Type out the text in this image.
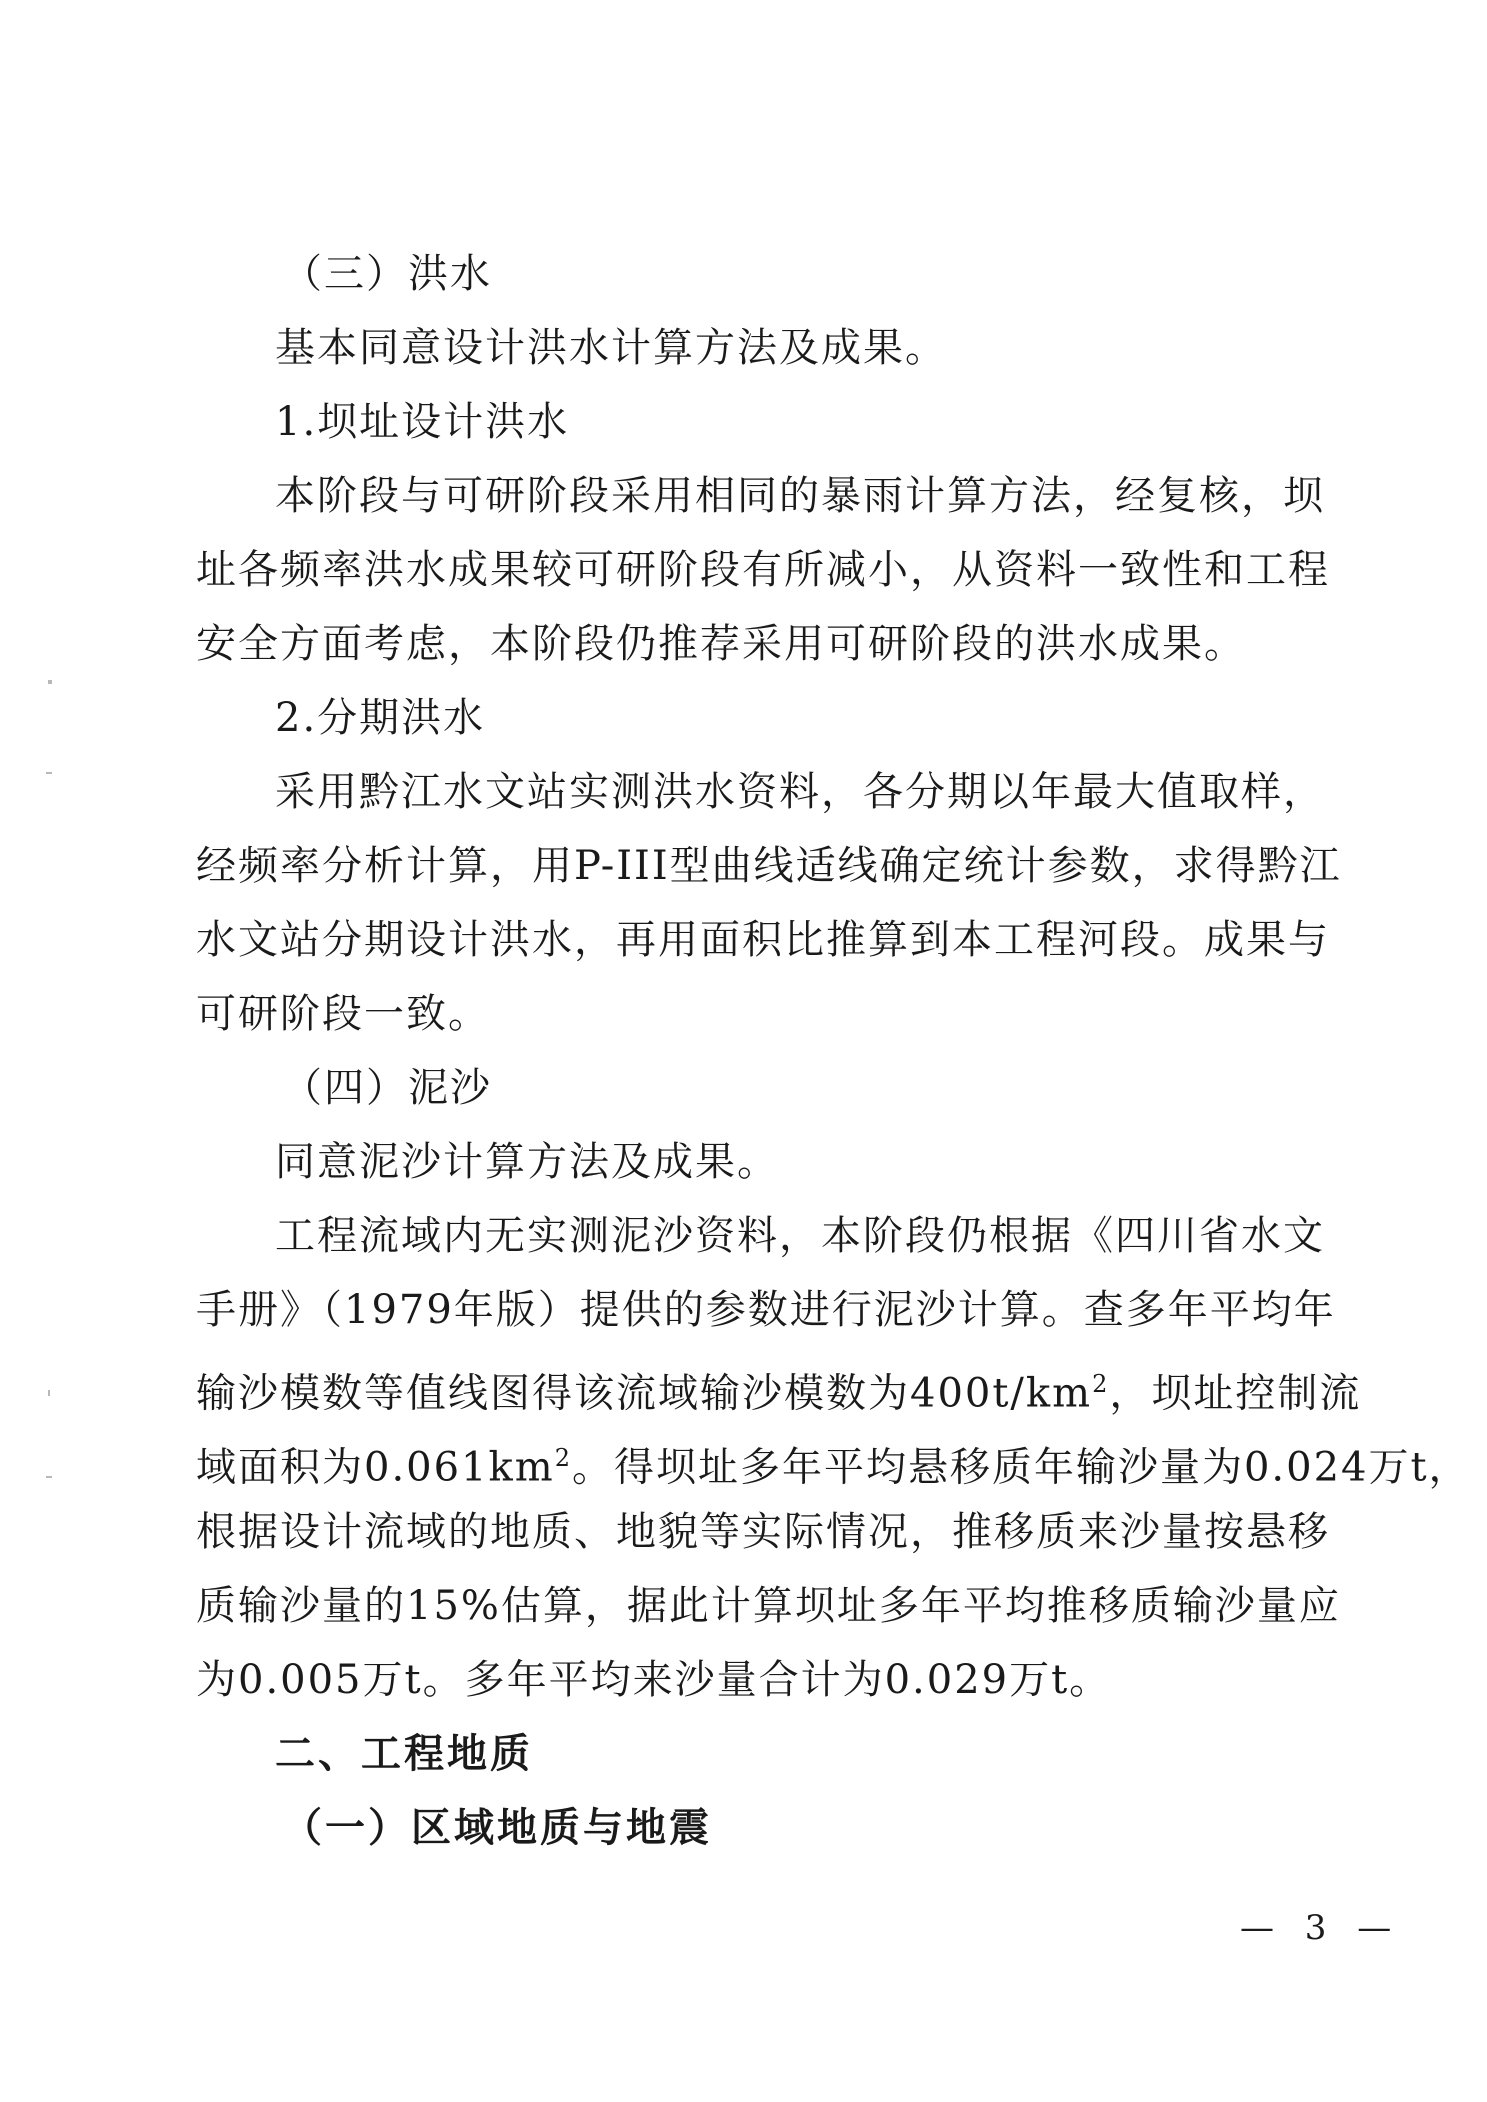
（三）洪水
基本同意设计洪水计算方法及成果。
1.坝址设计洪水
本阶段与可研阶段采用相同的暴雨计算方法，经复核，坝
址各频率洪水成果较可研阶段有所减小，从资料一致性和工程
安全方面考虑，本阶段仍推荐采用可研阶段的洪水成果。
2.分期洪水
采用黔江水文站实测洪水资料，各分期以年最大值取样，
经频率分析计算，用P-III型曲线适线确定统计参数，求得黔江
水文站分期设计洪水，再用面积比推算到本工程河段。成果与
可研阶段一致。
（四）泥沙
同意泥沙计算方法及成果。
工程流域内无实测泥沙资料，本阶段仍根据《四川省水文
手册》（1979年版）提供的参数进行泥沙计算。查多年平均年
输沙模数等值线图得该流域输沙模数为$400t/km^2$，坝址控制流
域面积为$0.061km^2$。得坝址多年平均悬移质年输沙量为0.024万t，
根据设计流域的地质、地貌等实际情况，推移质来沙量按悬移
质输沙量的15%估算，据此计算坝址多年平均推移质输沙量应
为0.005万t。多年平均来沙量合计为0.029万t。
二、工程地质
（一）区域地质与地震
— 3 —
